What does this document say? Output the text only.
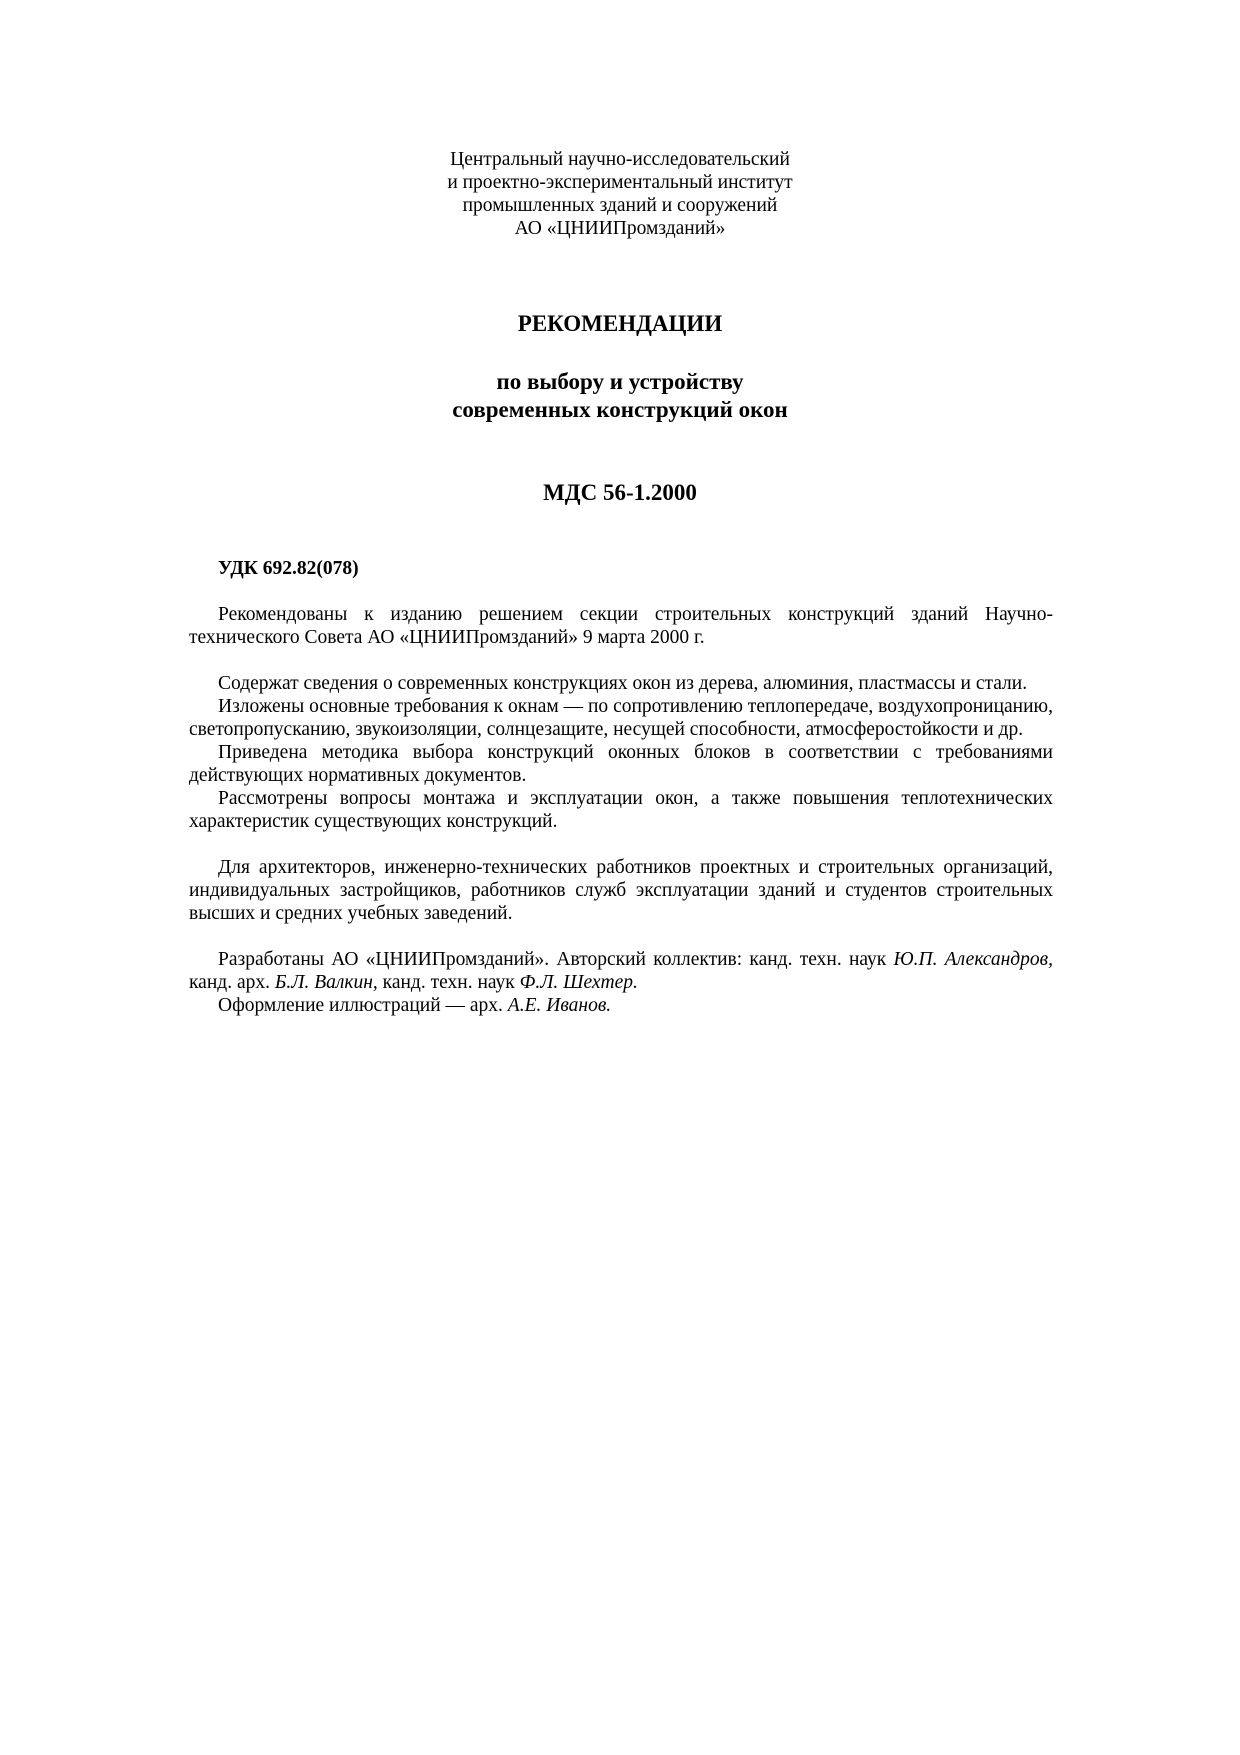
Центральный научно-исследовательский
и проектно-экспериментальный институт
промышленных зданий и сооружений
АО «ЦНИИПромзданий»
РЕКОМЕНДАЦИИ
по выбору и устройству
современных конструкций окон
МДС 56-1.2000

УДК 692.82(078)

Рекомендованы к изданию решением секции строительных конструкций зданий Научно-технического Совета АО «ЦНИИПромзданий» 9 марта 2000 г.

Содержат сведения о современных конструкциях окон из дерева, алюминия, пластмассы и стали.

Изложены основные требования к окнам — по сопротивлению теплопередаче, воздухопроницанию, светопропусканию, звукоизоляции, солнцезащите, несущей способности, атмосферостойкости и др.

Приведена методика выбора конструкций оконных блоков в соответствии с требованиями действующих нормативных документов.

Рассмотрены вопросы монтажа и эксплуатации окон, а также повышения теплотехнических характеристик существующих конструкций.

Для архитекторов, инженерно-технических работников проектных и строительных организаций, индивидуальных застройщиков, работников служб эксплуатации зданий и студентов строительных высших и средних учебных заведений.

Разработаны АО «ЦНИИПромзданий». Авторский коллектив: канд. техн. наук Ю.П. Александров, канд. арх. Б.Л. Валкин, канд. техн. наук Ф.Л. Шехтер.

Оформление иллюстраций — арх. А.Е. Иванов.
